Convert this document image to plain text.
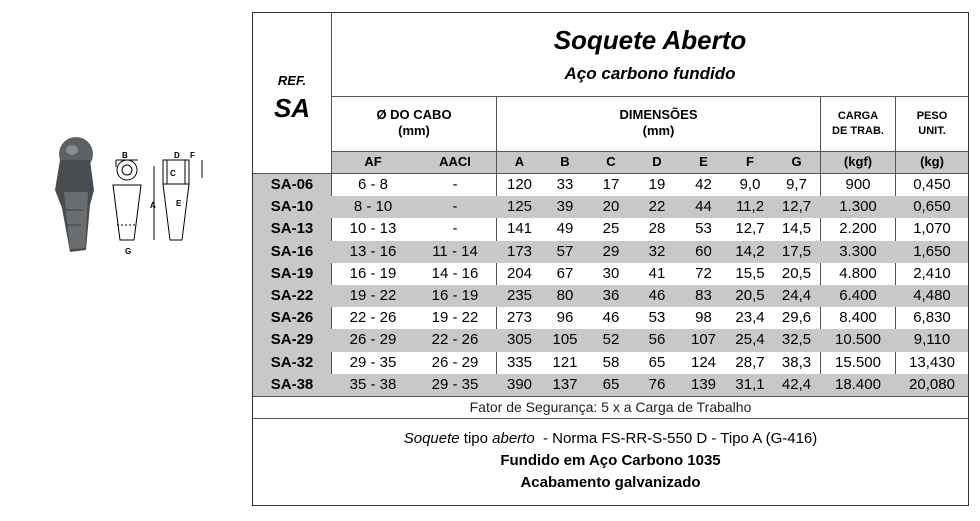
B
C
D F
A	E
G
REF.
SA
Soquete Aberto
Aço carbono fundido
Ø DO CABO
(mm)
DIMENSÕES
(mm)
CARGA
DE TRAB.
PESO
UNIT.
AF	AACI	A	B	C	D	E	F	G	(kgf)	(kg)
SA-06	6 - 8	-	120	33	17	19	42	9,0	9,7	900	0,450
SA-10	8 - 10	-	125	39	20	22	44	11,2	12,7	1.300	0,650
SA-13	10 - 13	-	141	49	25	28	53	12,7	14,5	2.200	1,070
SA-16	13 - 16	11 - 14	173	57	29	32	60	14,2	17,5	3.300	1,650
SA-19	16 - 19	14 - 16	204	67	30	41	72	15,5	20,5	4.800	2,410
SA-22	19 - 22	16 - 19	235	80	36	46	83	20,5	24,4	6.400	4,480
SA-26	22 - 26	19 - 22	273	96	46	53	98	23,4	29,6	8.400	6,830
SA-29	26 - 29	22 - 26	305	105	52	56	107	25,4	32,5	10.500	9,110
SA-32	29 - 35	26 - 29	335	121	58	65	124	28,7	38,3	15.500	13,430
SA-38	35 - 38	29 - 35	390	137	65	76	139	31,1	42,4	18.400	20,080
Fator de Segurança: 5 x a Carga de Trabalho
Soquete tipo aberto  - Norma FS-RR-S-550 D - Tipo A (G-416)
Fundido em Aço Carbono 1035
Acabamento galvanizado
